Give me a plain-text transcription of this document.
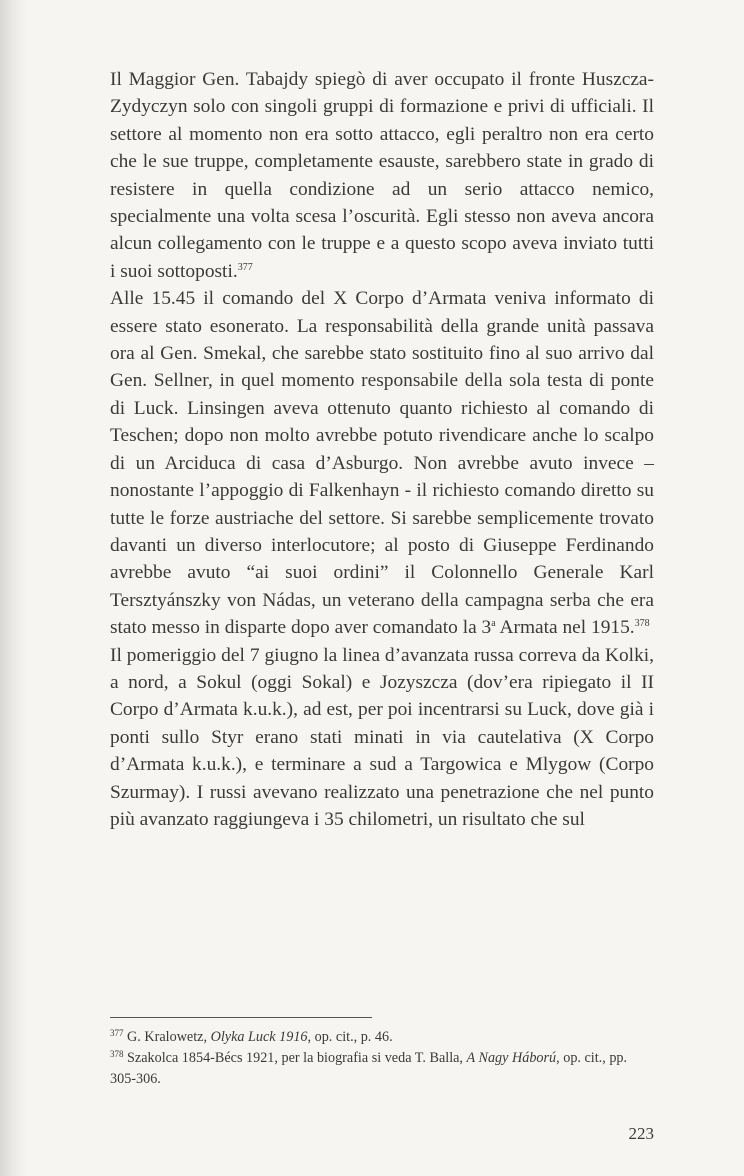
Il Maggior Gen. Tabajdy spiegò di aver occupato il fronte Huszcza-Zydyczyn solo con singoli gruppi di formazione e privi di ufficiali. Il settore al momento non era sotto attacco, egli peraltro non era certo che le sue truppe, completamente esauste, sarebbero state in grado di resistere in quella condizione ad un serio attacco nemico, specialmente una volta scesa l’oscurità. Egli stesso non aveva ancora alcun collegamento con le truppe e a questo scopo aveva inviato tutti i suoi sottoposti.$^{377}$

Alle 15.45 il comando del X Corpo d’Armata veniva informato di essere stato esonerato. La responsabilità della grande unità passava ora al Gen. Smekal, che sarebbe stato sostituito fino al suo arrivo dal Gen. Sellner, in quel momento responsabile della sola testa di ponte di Luck. Linsingen aveva ottenuto quanto richiesto al comando di Teschen; dopo non molto avrebbe potuto rivendicare anche lo scalpo di un Arciduca di casa d’Asburgo. Non avrebbe avuto invece – nonostante l’appoggio di Falkenhayn - il richiesto comando diretto su tutte le forze austriache del settore. Si sarebbe semplicemente trovato davanti un diverso interlocutore; al posto di Giuseppe Ferdinando avrebbe avuto “ai suoi ordini” il Colonnello Generale Karl Tersztyánszky von Nádas, un veterano della campagna serba che era stato messo in disparte dopo aver comandato la 3$^a$ Armata nel 1915.$^{378}$

Il pomeriggio del 7 giugno la linea d’avanzata russa correva da Kolki, a nord, a Sokul (oggi Sokal) e Jozyszcza (dov’era ripiegato il II Corpo d’Armata k.u.k.), ad est, per poi incentrarsi su Luck, dove già i ponti sullo Styr erano stati minati in via cautelativa (X Corpo d’Armata k.u.k.), e terminare a sud a Targowica e Mlygow (Corpo Szurmay). I russi avevano realizzato una penetrazione che nel punto più avanzato raggiungeva i 35 chilometri, un risultato che sul

$^{377}$ G. Kralowetz, Olyka Luck 1916, op. cit., p. 46.

$^{378}$ Szakolca 1854-Bécs 1921, per la biografia si veda T. Balla, A Nagy Háború, op. cit., pp. 305-306.

223
